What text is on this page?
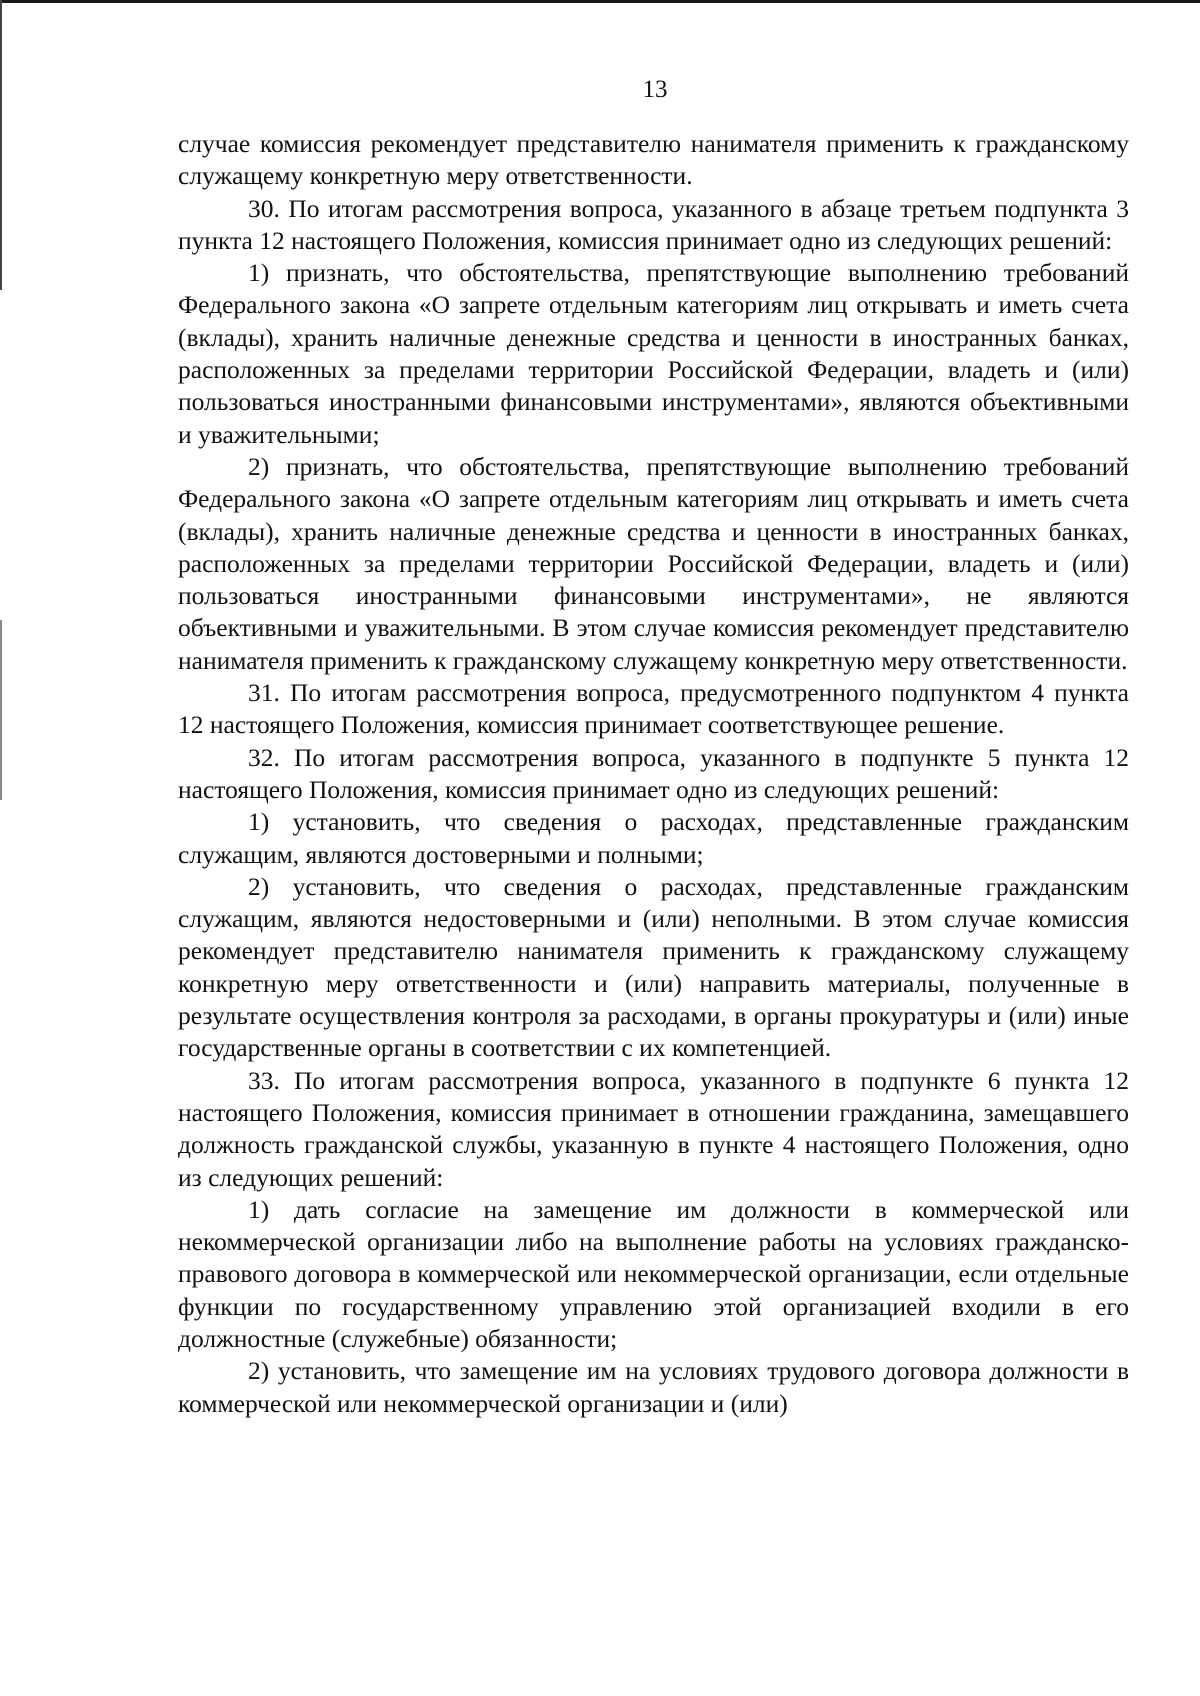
13

случае комиссия рекомендует представителю нанимателя применить к гражданскому служащему конкретную меру ответственности.

30. По итогам рассмотрения вопроса, указанного в абзаце третьем подпункта 3 пункта 12 настоящего Положения, комиссия принимает одно из следующих решений:

1) признать, что обстоятельства, препятствующие выполнению требований Федерального закона «О запрете отдельным категориям лиц открывать и иметь счета (вклады), хранить наличные денежные средства и ценности в иностранных банках, расположенных за пределами территории Российской Федерации, владеть и (или) пользоваться иностранными финансовыми инструментами», являются объективными и уважительными;

2) признать, что обстоятельства, препятствующие выполнению требований Федерального закона «О запрете отдельным категориям лиц открывать и иметь счета (вклады), хранить наличные денежные средства и ценности в иностранных банках, расположенных за пределами территории Российской Федерации, владеть и (или) пользоваться иностранными финансовыми инструментами», не являются объективными и уважительными. В этом случае комиссия рекомендует представителю нанимателя применить к гражданскому служащему конкретную меру ответственности.

31. По итогам рассмотрения вопроса, предусмотренного подпунктом 4 пункта 12 настоящего Положения, комиссия принимает соответствующее решение.

32. По итогам рассмотрения вопроса, указанного в подпункте 5 пункта 12 настоящего Положения, комиссия принимает одно из следующих решений:

1) установить, что сведения о расходах, представленные гражданским служащим, являются достоверными и полными;

2) установить, что сведения о расходах, представленные гражданским служащим, являются недостоверными и (или) неполными. В этом случае комиссия рекомендует представителю нанимателя применить к гражданскому служащему конкретную меру ответственности и (или) направить материалы, полученные в результате осуществления контроля за расходами, в органы прокуратуры и (или) иные государственные органы в соответствии с их компетенцией.

33. По итогам рассмотрения вопроса, указанного в подпункте 6 пункта 12 настоящего Положения, комиссия принимает в отношении гражданина, замещавшего должность гражданской службы, указанную в пункте 4 настоящего Положения, одно из следующих решений:

1) дать согласие на замещение им должности в коммерческой или некоммерческой организации либо на выполнение работы на условиях гражданско-правового договора в коммерческой или некоммерческой организации, если отдельные функции по государственному управлению этой организацией входили в его должностные (служебные) обязанности;

2) установить, что замещение им на условиях трудового договора должности в коммерческой или некоммерческой организации и (или)
